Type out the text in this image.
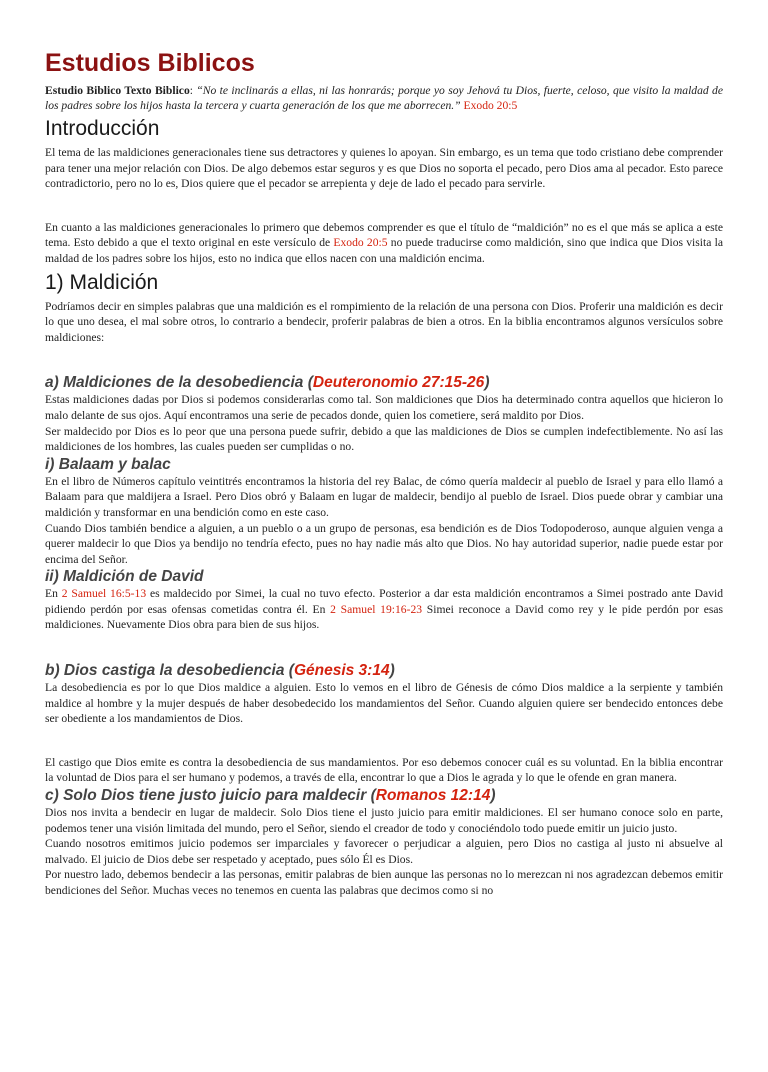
Estudios Biblicos
Estudio Biblico Texto Biblico: “No te inclinarás a ellas, ni las honrarás; porque yo soy Jehová tu Dios, fuerte, celoso, que visito la maldad de los padres sobre los hijos hasta la tercera y cuarta generación de los que me aborrecen.” Exodo 20:5
Introducción

El tema de las maldiciones generacionales tiene sus detractores y quienes lo apoyan. Sin embargo, es un tema que todo cristiano debe comprender para tener una mejor relación con Dios. De algo debemos estar seguros y es que Dios no soporta el pecado, pero Dios ama al pecador. Esto parece contradictorio, pero no lo es, Dios quiere que el pecador se arrepienta y deje de lado el pecado para servirle.

En cuanto a las maldiciones generacionales lo primero que debemos comprender es que el título de “maldición” no es el que más se aplica a este tema. Esto debido a que el texto original en este versículo de Exodo 20:5 no puede traducirse como maldición, sino que indica que Dios visita la maldad de los padres sobre los hijos, esto no indica que ellos nacen con una maldición encima.

1) Maldición

Podríamos decir en simples palabras que una maldición es el rompimiento de la relación de una persona con Dios. Proferir una maldición es decir lo que uno desea, el mal sobre otros, lo contrario a bendecir, proferir palabras de bien a otros. En la biblia encontramos algunos versículos sobre maldiciones:

a) Maldiciones de la desobediencia (Deuteronomio 27:15-26)

Estas maldiciones dadas por Dios si podemos considerarlas como tal. Son maldiciones que Dios ha determinado contra aquellos que hicieron lo malo delante de sus ojos. Aquí encontramos una serie de pecados donde, quien los cometiere, será maldito por Dios.

Ser maldecido por Dios es lo peor que una persona puede sufrir, debido a que las maldiciones de Dios se cumplen indefectiblemente. No así las maldiciones de los hombres, las cuales pueden ser cumplidas o no.

i) Balaam y balac

En el libro de Números capítulo veintitrés encontramos la historia del rey Balac, de cómo quería maldecir al pueblo de Israel y para ello llamó a Balaam para que maldijera a Israel. Pero Dios obró y Balaam en lugar de maldecir, bendijo al pueblo de Israel. Dios puede obrar y cambiar una maldición y transformar en una bendición como en este caso.

Cuando Dios también bendice a alguien, a un pueblo o a un grupo de personas, esa bendición es de Dios Todopoderoso, aunque alguien venga a querer maldecir lo que Dios ya bendijo no tendría efecto, pues no hay nadie más alto que Dios. No hay autoridad superior, nadie puede estar por encima del Señor.

ii) Maldición de David

En 2 Samuel 16:5-13 es maldecido por Simei, la cual no tuvo efecto. Posterior a dar esta maldición encontramos a Simei postrado ante David pidiendo perdón por esas ofensas cometidas contra él. En 2 Samuel 19:16-23 Simei reconoce a David como rey y le pide perdón por esas maldiciones. Nuevamente Dios obra para bien de sus hijos.

b) Dios castiga la desobediencia (Génesis 3:14)

La desobediencia es por lo que Dios maldice a alguien. Esto lo vemos en el libro de Génesis de cómo Dios maldice a la serpiente y también maldice al hombre y la mujer después de haber desobedecido los mandamientos del Señor. Cuando alguien quiere ser bendecido entonces debe ser obediente a los mandamientos de Dios.

El castigo que Dios emite es contra la desobediencia de sus mandamientos. Por eso debemos conocer cuál es su voluntad. En la biblia encontrar la voluntad de Dios para el ser humano y podemos, a través de ella, encontrar lo que a Dios le agrada y lo que le ofende en gran manera.

c) Solo Dios tiene justo juicio para maldecir (Romanos 12:14)

Dios nos invita a bendecir en lugar de maldecir. Solo Dios tiene el justo juicio para emitir maldiciones. El ser humano conoce solo en parte, podemos tener una visión limitada del mundo, pero el Señor, siendo el creador de todo y conociéndolo todo puede emitir un juicio justo.

Cuando nosotros emitimos juicio podemos ser imparciales y favorecer o perjudicar a alguien, pero Dios no castiga al justo ni absuelve al malvado. El juicio de Dios debe ser respetado y aceptado, pues sólo Él es Dios.

Por nuestro lado, debemos bendecir a las personas, emitir palabras de bien aunque las personas no lo merezcan ni nos agradezcan debemos emitir bendiciones del Señor. Muchas veces no tenemos en cuenta las palabras que decimos como si no
